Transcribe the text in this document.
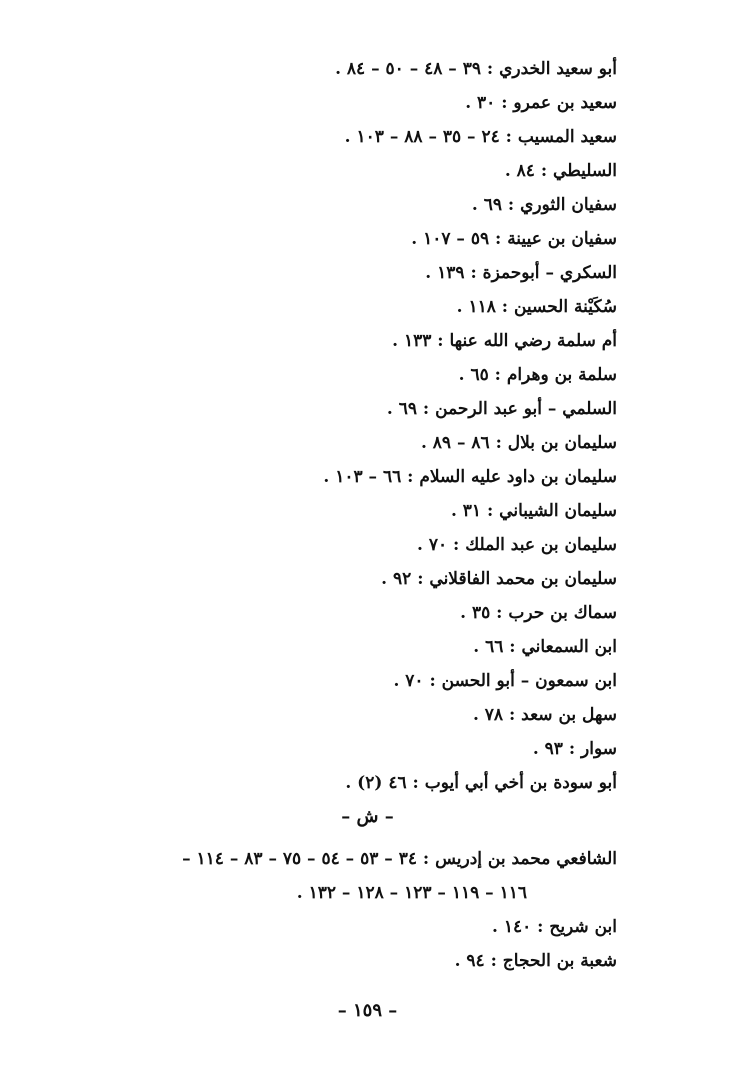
أبو سعيد الخدري : ٣٩ – ٤٨ – ٥٠ – ٨٤ .
سعيد بن عمرو : ٣٠ .
سعيد المسيب : ٢٤ – ٣٥ – ٨٨ – ١٠٣ .
السليطي : ٨٤ .
سفيان الثوري : ٦٩ .
سفيان بن عيينة : ٥٩ – ١٠٧ .
السكري – أبوحمزة : ١٣٩ .
سُكَيْنة الحسين : ١١٨ .
أم سلمة رضي الله عنها : ١٣٣ .
سلمة بن وهرام : ٦٥ .
السلمي – أبو عبد الرحمن : ٦٩ .
سليمان بن بلال : ٨٦ – ٨٩ .
سليمان بن داود عليه السلام : ٦٦ – ١٠٣ .
سليمان الشيباني : ٣١ .
سليمان بن عبد الملك : ٧٠ .
سليمان بن محمد الفاقلاني : ٩٢ .
سماك بن حرب : ٣٥ .
ابن السمعاني : ٦٦ .
ابن سمعون – أبو الحسن : ٧٠ .
سهل بن سعد : ٧٨ .
سوار : ٩٣ .
أبو سودة بن أخي أبي أيوب : ٤٦ (٢) .
– ش –
الشافعي محمد بن إدريس : ٣٤ – ٥٣ – ٥٤ – ٧٥ – ٨٣ – ١١٤ –
١١٦ – ١١٩ – ١٢٣ – ١٢٨ – ١٣٢ .
ابن شريح : ١٤٠ .
شعبة بن الحجاج : ٩٤ .
– ١٥٩ –
